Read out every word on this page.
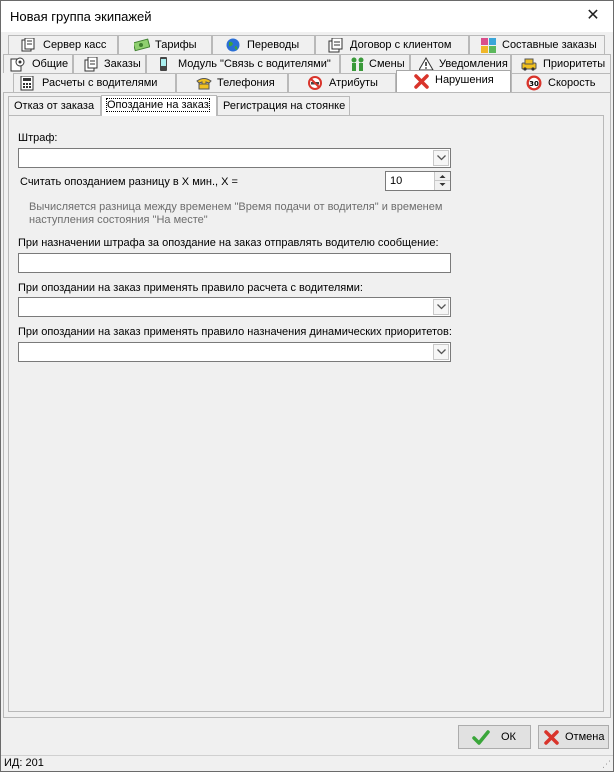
Новая группа экипажей	✕
Сервер касс	Тарифы	Переводы	Договор с клиентом	Составные заказы
Общие	Заказы	Модуль "Связь с водителями"	Смены	Уведомления	Приоритеты
Расчеты с водителями	Телефония	Атрибуты	Нарушения	30 Скорость
Отказ от заказа	Опоздание на заказ	Регистрация на стоянке
Штраф:
Считать опозданием разницу в X мин., X =	10
Вычисляется разница между временем "Время подачи от водителя" и временем наступления состояния "На месте"
При назначении штрафа за опоздание на заказ отправлять водителю сообщение:
При опоздании на заказ применять правило расчета с водителями:
При опоздании на заказ применять правило назначения динамических приоритетов:
ОК	Отмена
ИД: 201	⋰
